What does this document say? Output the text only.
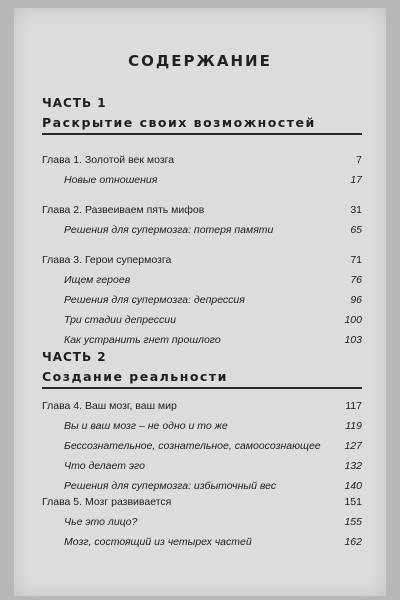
СОДЕРЖАНИЕ
ЧАСТЬ 1
Раскрытие своих возможностей
Глава 1. Золотой век мозга	7
Новые отношения	17
Глава 2. Развеиваем пять мифов	31
Решения для супермозга: потеря памяти	65
Глава 3. Герои супермозга	71
Ищем героев	76
Решения для супермозга: депрессия	96
Три стадии депрессии	100
Как устранить гнет прошлого	103
ЧАСТЬ 2
Создание реальности
Глава 4. Ваш мозг, ваш мир	117
Вы и ваш мозг – не одно и то же	119
Бессознательное, сознательное, самоосознающее 127
Что делает эго	132
Решения для супермозга: избыточный вес	140
Глава 5. Мозг развивается	151
Чье это лицо?	155
Мозг, состоящий из четырех частей	162
